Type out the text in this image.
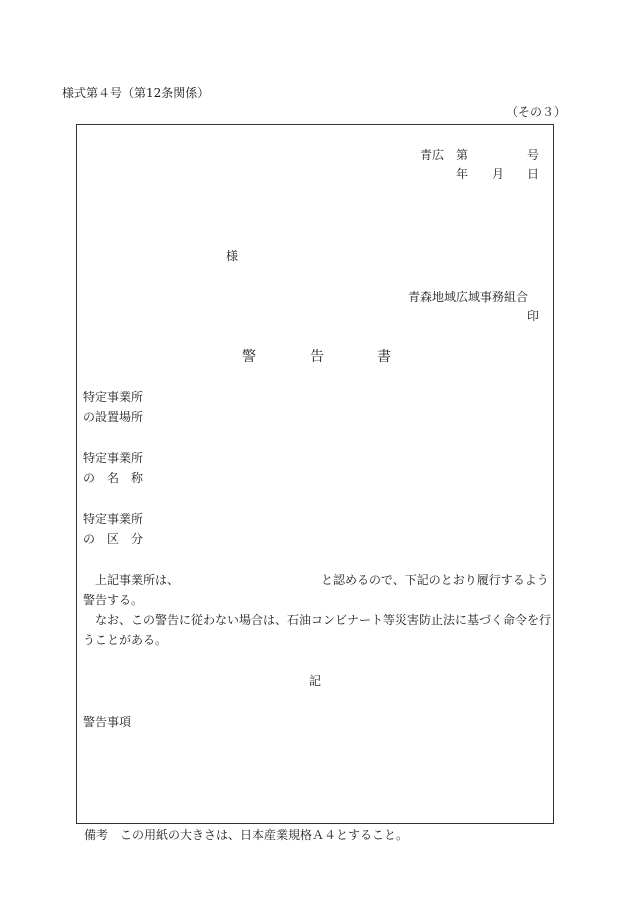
様式第４号（第12条関係）
（その３）
青広 第	号
年 月 日
様
青森地域広域事務組合
印
警	告	書
特定事業所
の設置場所
特定事業所
の　名　称
特定事業所
の　区　分
上記事業所は、	と認めるので、下記のとおり履行するよう
警告する。
なお、この警告に従わない場合は、石油コンビナート等災害防止法に基づく命令を行
うことがある。
記
警告事項
備考　この用紙の大きさは、日本産業規格Ａ４とすること。
